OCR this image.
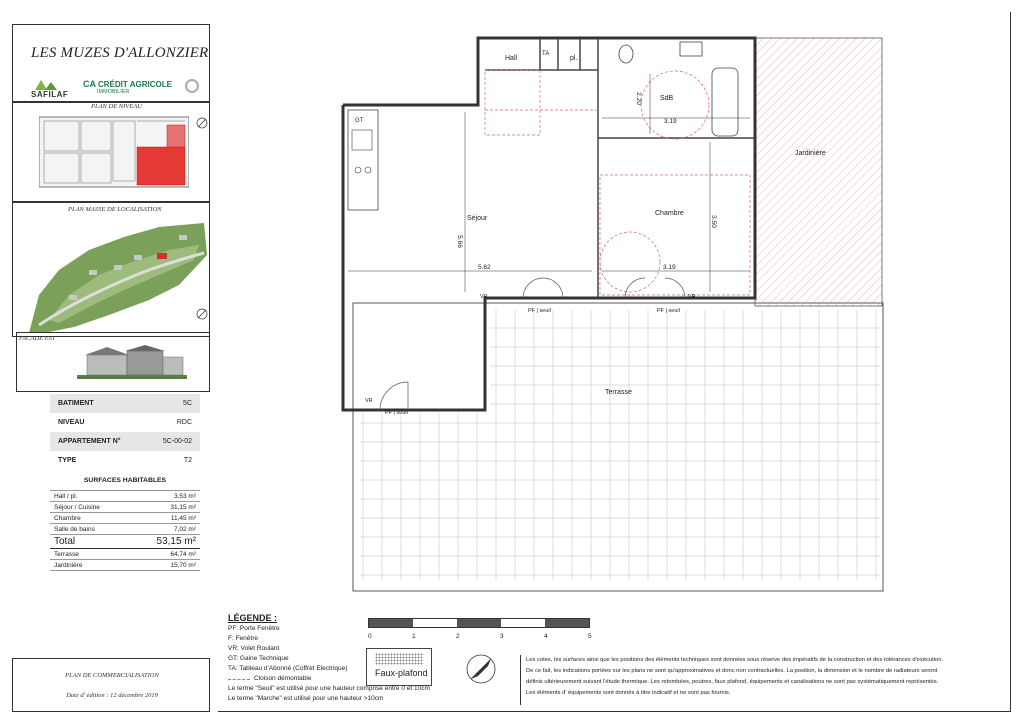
LES MUZES D'ALLONZIER
SAFILAF
CA CRÉDIT AGRICOLE
IMMOBILIER
PLAN DE NIVEAU
PLAN MASSE DE LOCALISATION
FACADE EST
BATIMENT	5C
NIVEAU	RDC
APPARTEMENT N°	5C-00-02
TYPE	T2
SURFACES HABITABLES
Hall / pl.	3,53 m²
Séjour / Cuisine	31,15 m²
Chambre	11,45 m²
Salle de bains	7,02 m²
Total	53,15 m²
Terrasse	64,74 m²
Jardinière	15,70 m²
PLAN DE COMMERCIALISATION
Date d' édition : 12 décembre 2019
Hall
TA
pl.
SdB
GT
Séjour
Chambre
Jardinière
Terrasse
3.19
2.20
5.66
5.62	3.19
3.50
PF | seuil	PF | seuil
PF | seuil
VR	VR
VR
LÉGENDE :
PF: Porte Fenêtre
F: Fenêtre
VR: Volet Roulant
GT: Gaine Technique
TA: Tableau d'Abonné (Coffret Electrique)
Cloison démontable
Le terme "Seuil" est utilisé pour une hauteur comprise entre 0 et 10cm
Le terme "Marche" est utilisé pour une hauteur >10cm
0	1	2	3	4	5
Faux-plafond
Les cotes, les surfaces ainsi que les positions des éléments techniques sont données sous réserve des impératifs de la construction et des tolérances d'exécution.
De ce fait, les indications portées sur les plans ne sont qu'approximatives et donc non contractuelles. La position, la dimension et le nombre de radiateurs seront
définis ultérieurement suivant l'étude thermique. Les retombées, poutres, faux plafond, équipements et canalisations ne sont pas systématiquement représentés.
Les éléments d' équipements sont donnés à titre indicatif et ne sont pas fournis.
